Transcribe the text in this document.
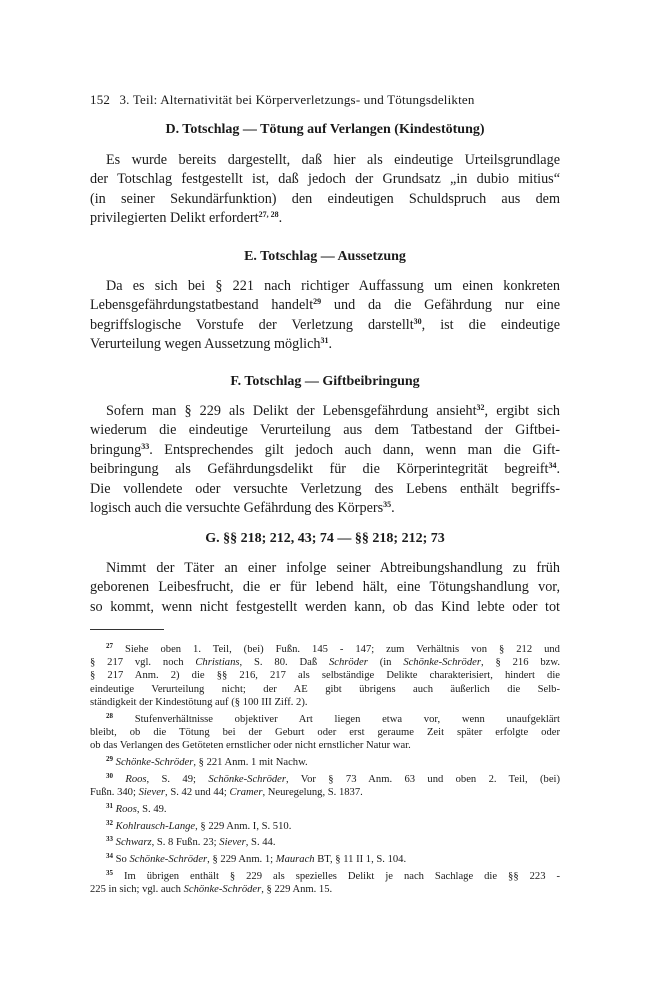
152 3. Teil: Alternativität bei Körperverletzungs- und Tötungsdelikten
D. Totschlag — Tötung auf Verlangen (Kindestötung)
Es wurde bereits dargestellt, daß hier als eindeutige Urteilsgrundlage
der Totschlag festgestellt ist, daß jedoch der Grundsatz „in dubio mitius“
(in seiner Sekundärfunktion) den eindeutigen Schuldspruch aus dem
privilegierten Delikt erfordert$^{27, 28}$.
E. Totschlag — Aussetzung
Da es sich bei § 221 nach richtiger Auffassung um einen konkreten
Lebensgefährdungstatbestand handelt$^{29}$ und da die Gefährdung nur eine
begriffslogische Vorstufe der Verletzung darstellt$^{30}$, ist die eindeutige
Verurteilung wegen Aussetzung möglich$^{31}$.
F. Totschlag — Giftbeibringung
Sofern man § 229 als Delikt der Lebensgefährdung ansieht$^{32}$, ergibt sich
wiederum die eindeutige Verurteilung aus dem Tatbestand der Giftbei-
bringung$^{33}$. Entsprechendes gilt jedoch auch dann, wenn man die Gift-
beibringung als Gefährdungsdelikt für die Körperintegrität begreift$^{34}$.
Die vollendete oder versuchte Verletzung des Lebens enthält begriffs-
logisch auch die versuchte Gefährdung des Körpers$^{35}$.
G. §§ 218; 212, 43; 74 — §§ 218; 212; 73
Nimmt der Täter an einer infolge seiner Abtreibungshandlung zu früh
geborenen Leibesfrucht, die er für lebend hält, eine Tötungshandlung vor,
so kommt, wenn nicht festgestellt werden kann, ob das Kind lebte oder tot
$^{27}$ Siehe oben 1. Teil, (bei) Fußn. 145 - 147; zum Verhältnis von § 212 und
§ 217 vgl. noch Christians, S. 80. Daß Schröder (in Schönke-Schröder, § 216 bzw.
§ 217 Anm. 2) die §§ 216, 217 als selbständige Delikte charakterisiert, hindert die
eindeutige Verurteilung nicht; der AE gibt übrigens auch äußerlich die Selb-
ständigkeit der Kindestötung auf (§ 100 III Ziff. 2).
$^{28}$ Stufenverhältnisse objektiver Art liegen etwa vor, wenn unaufgeklärt
bleibt, ob die Tötung bei der Geburt oder erst geraume Zeit später erfolgte oder
ob das Verlangen des Getöteten ernstlicher oder nicht ernstlicher Natur war.
$^{29}$ Schönke-Schröder, § 221 Anm. 1 mit Nachw.
$^{30}$ Roos, S. 49; Schönke-Schröder, Vor § 73 Anm. 63 und oben 2. Teil, (bei)
Fußn. 340; Siever, S. 42 und 44; Cramer, Neuregelung, S. 1837.
$^{31}$ Roos, S. 49.
$^{32}$ Kohlrausch-Lange, § 229 Anm. I, S. 510.
$^{33}$ Schwarz, S. 8 Fußn. 23; Siever, S. 44.
$^{34}$ So Schönke-Schröder, § 229 Anm. 1; Maurach BT, § 11 II 1, S. 104.
$^{35}$ Im übrigen enthält § 229 als spezielles Delikt je nach Sachlage die §§ 223 -
225 in sich; vgl. auch Schönke-Schröder, § 229 Anm. 15.
